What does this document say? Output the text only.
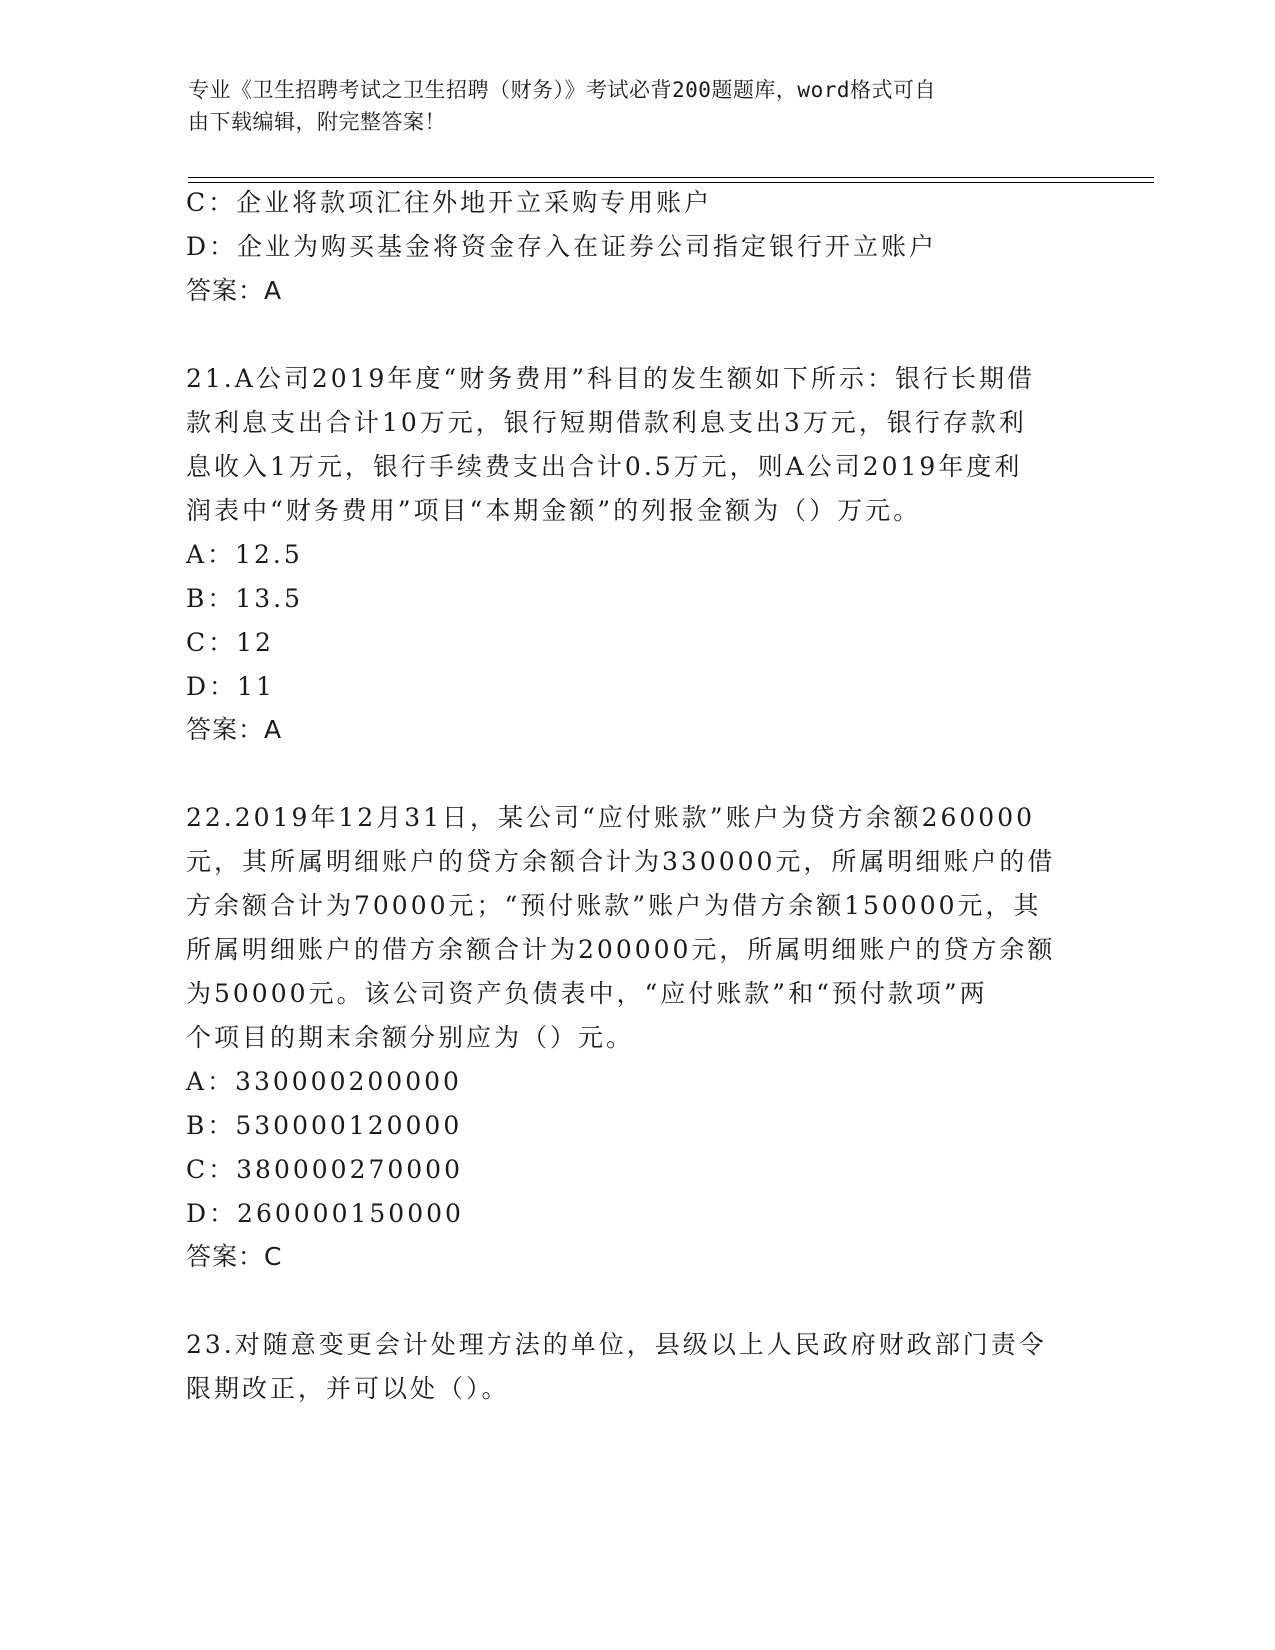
专业《卫生招聘考试之卫生招聘（财务）》考试必背200题题库，word格式可自
由下载编辑，附完整答案！
C：企业将款项汇往外地开立采购专用账户
D：企业为购买基金将资金存入在证券公司指定银行开立账户
答案：A
21.A公司2019年度“财务费用”科目的发生额如下所示：银行长期借
款利息支出合计10万元，银行短期借款利息支出3万元，银行存款利
息收入1万元，银行手续费支出合计0.5万元，则A公司2019年度利
润表中“财务费用”项目“本期金额”的列报金额为（）万元。
A：12.5
B：13.5
C：12
D：11
答案：A
22.2019年12月31日，某公司“应付账款”账户为贷方余额260000
元，其所属明细账户的贷方余额合计为330000元，所属明细账户的借
方余额合计为70000元；“预付账款”账户为借方余额150000元，其
所属明细账户的借方余额合计为200000元，所属明细账户的贷方余额
为50000元。该公司资产负债表中，“应付账款”和“预付款项”两
个项目的期末余额分别应为（）元。
A：330000200000
B：530000120000
C：380000270000
D：260000150000
答案：C
23.对随意变更会计处理方法的单位，县级以上人民政府财政部门责令
限期改正，并可以处（）。
